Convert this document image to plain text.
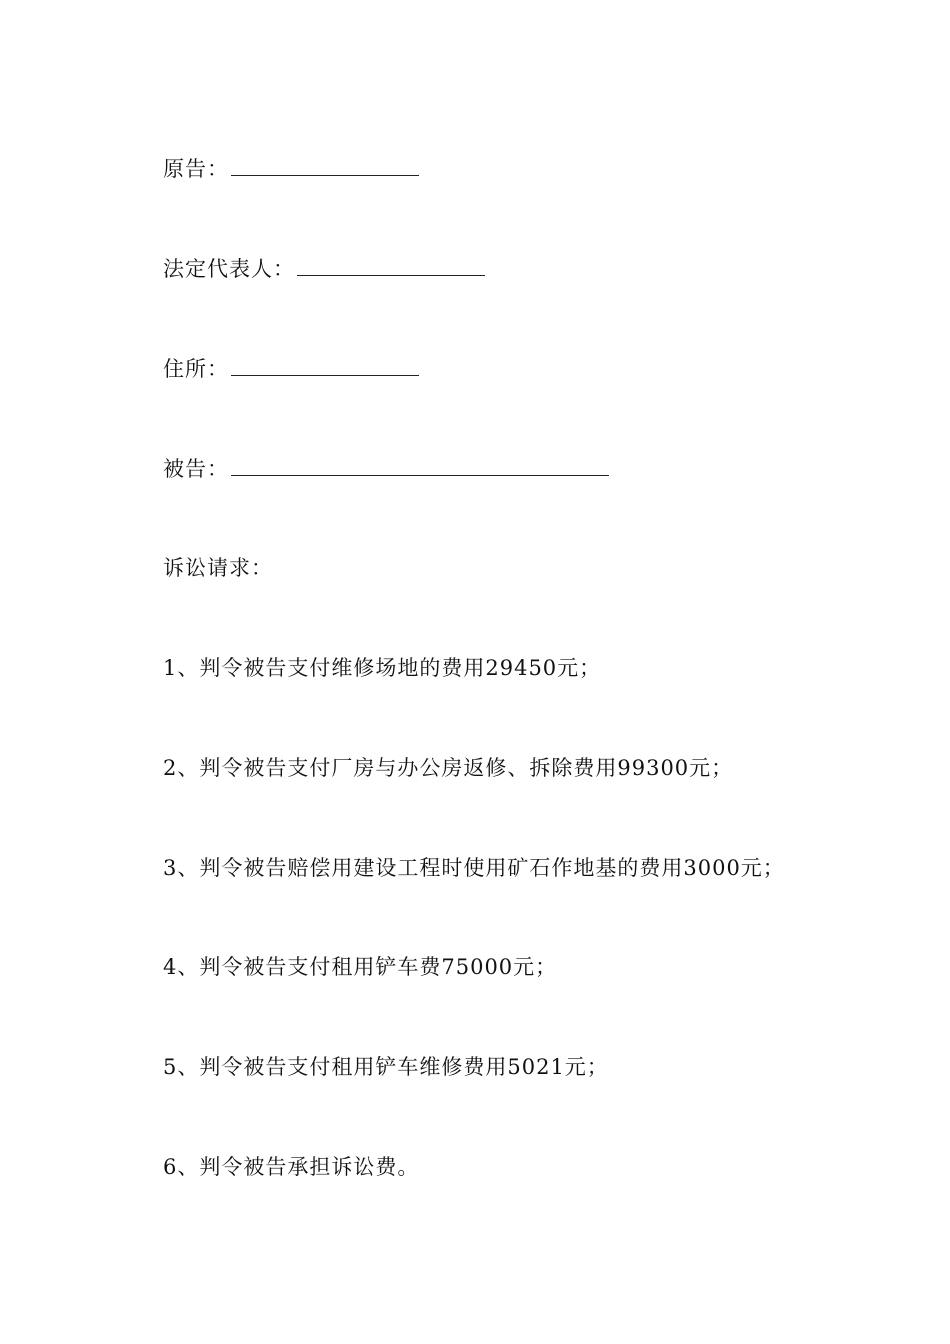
原告：
法定代表人：
住所：
被告：
诉讼请求：
1、判令被告支付维修场地的费用29450元；
2、判令被告支付厂房与办公房返修、拆除费用99300元；
3、判令被告赔偿用建设工程时使用矿石作地基的费用3000元；
4、判令被告支付租用铲车费75000元；
5、判令被告支付租用铲车维修费用5021元；
6、判令被告承担诉讼费。
